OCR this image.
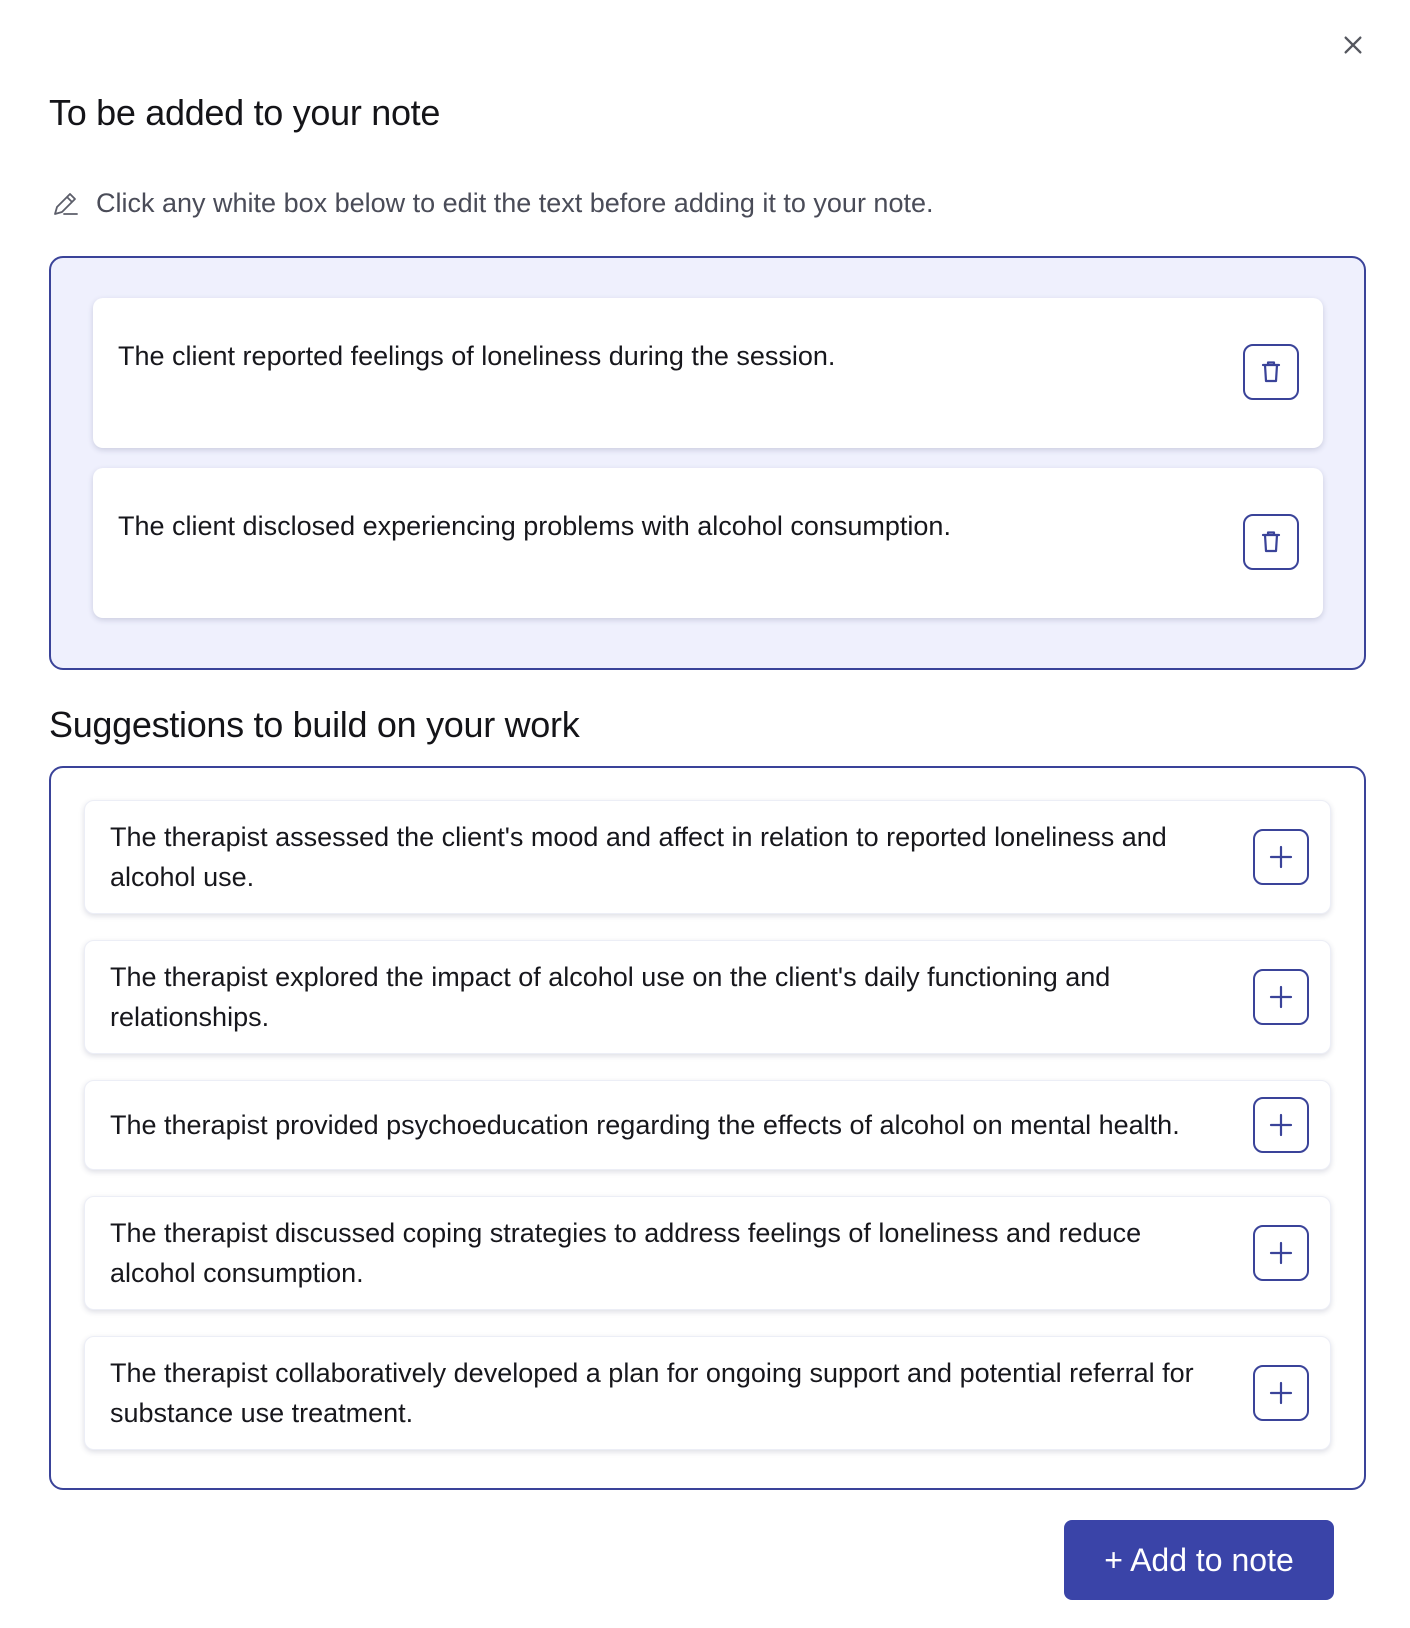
To be added to your note
Click any white box below to edit the text before adding it to your note.
The client reported feelings of loneliness during the session.
The client disclosed experiencing problems with alcohol consumption.
Suggestions to build on your work
The therapist assessed the client's mood and affect in relation to reported loneliness and alcohol use.
The therapist explored the impact of alcohol use on the client's daily functioning and relationships.
The therapist provided psychoeducation regarding the effects of alcohol on mental health.
The therapist discussed coping strategies to address feelings of loneliness and reduce alcohol consumption.
The therapist collaboratively developed a plan for ongoing support and potential referral for substance use treatment.
+ Add to note
